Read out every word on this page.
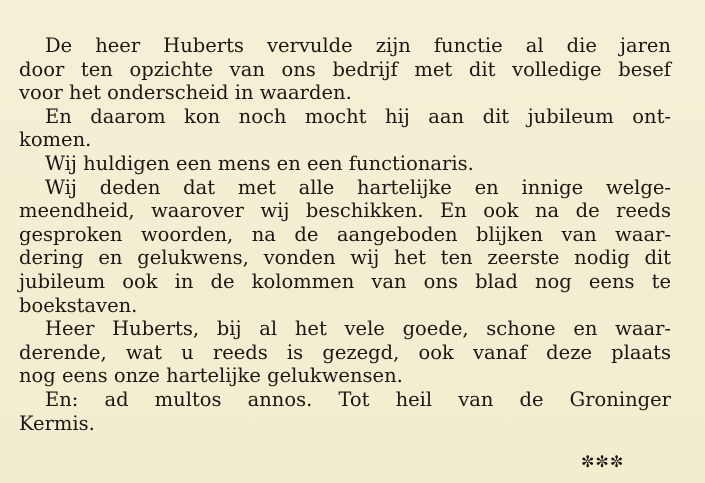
De heer Huberts vervulde zijn functie al die jaren
door ten opzichte van ons bedrijf met dit volledige besef
voor het onderscheid in waarden.
En daarom kon noch mocht hij aan dit jubileum ont-
komen.
Wij huldigen een mens en een functionaris.
Wij deden dat met alle hartelijke en innige welge-
meendheid, waarover wij beschikken. En ook na de reeds
gesproken woorden, na de aangeboden blijken van waar-
dering en gelukwens, vonden wij het ten zeerste nodig dit
jubileum ook in de kolommen van ons blad nog eens te
boekstaven.
Heer Huberts, bij al het vele goede, schone en waar-
derende, wat u reeds is gezegd, ook vanaf deze plaats
nog eens onze hartelijke gelukwensen.
En: ad multos annos. Tot heil van de Groninger
Kermis.
✼✼✼
